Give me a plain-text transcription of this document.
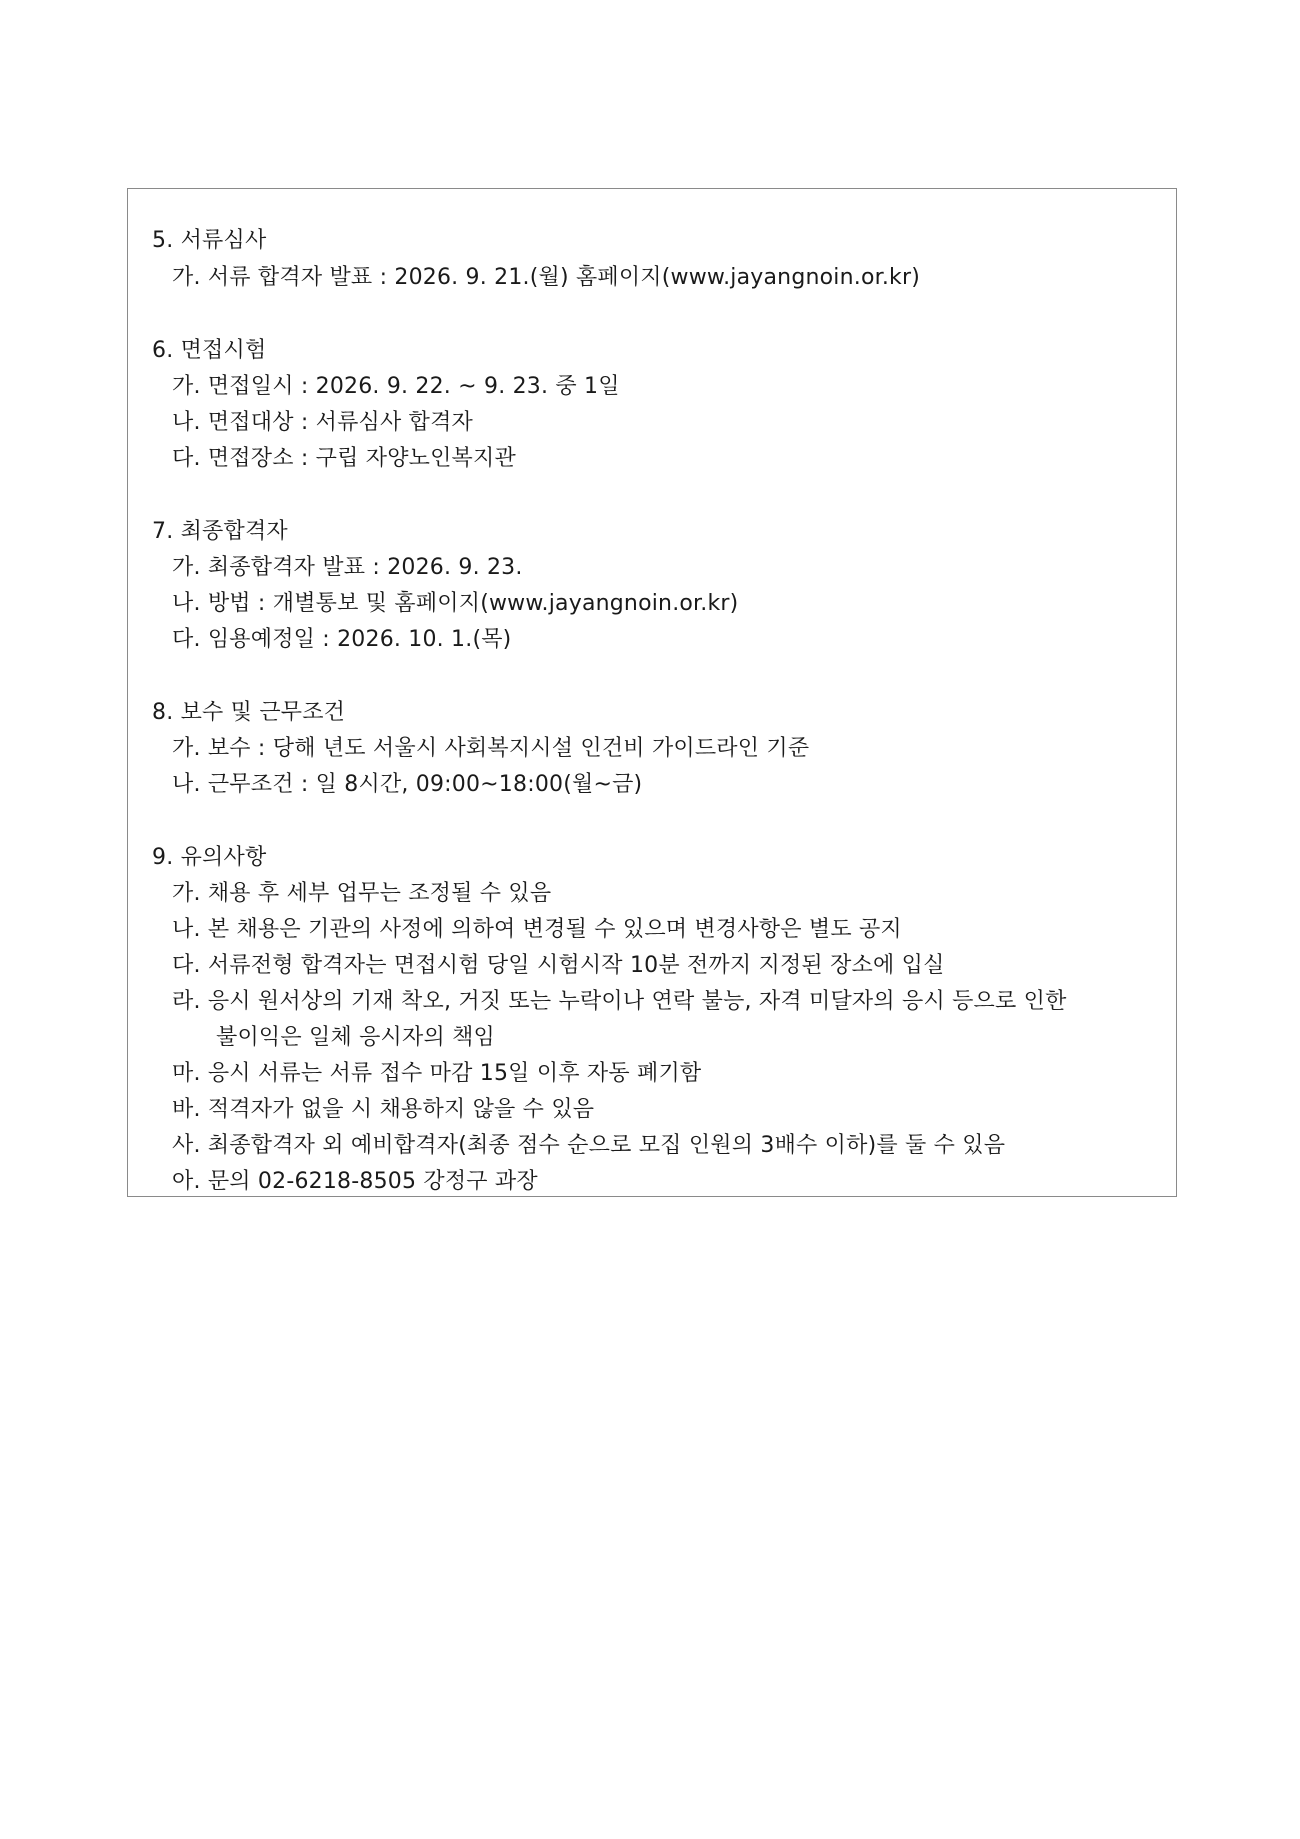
5. 서류심사
가. 서류 합격자 발표 : 2026. 9. 21.(월) 홈페이지(www.jayangnoin.or.kr)
6. 면접시험
가. 면접일시 : 2026. 9. 22. ~ 9. 23. 중 1일
나. 면접대상 : 서류심사 합격자
다. 면접장소 : 구립 자양노인복지관
7. 최종합격자
가. 최종합격자 발표 : 2026. 9. 23.
나. 방법 : 개별통보 및 홈페이지(www.jayangnoin.or.kr)
다. 임용예정일 : 2026. 10. 1.(목)
8. 보수 및 근무조건
가. 보수 : 당해 년도 서울시 사회복지시설 인건비 가이드라인 기준
나. 근무조건 : 일 8시간, 09:00~18:00(월~금)
9. 유의사항
가. 채용 후 세부 업무는 조정될 수 있음
나. 본 채용은 기관의 사정에 의하여 변경될 수 있으며 변경사항은 별도 공지
다. 서류전형 합격자는 면접시험 당일 시험시작 10분 전까지 지정된 장소에 입실
라. 응시 원서상의 기재 착오, 거짓 또는 누락이나 연락 불능, 자격 미달자의 응시 등으로 인한
불이익은 일체 응시자의 책임
마. 응시 서류는 서류 접수 마감 15일 이후 자동 폐기함
바. 적격자가 없을 시 채용하지 않을 수 있음
사. 최종합격자 외 예비합격자(최종 점수 순으로 모집 인원의 3배수 이하)를 둘 수 있음
아. 문의 02-6218-8505 강정구 과장
